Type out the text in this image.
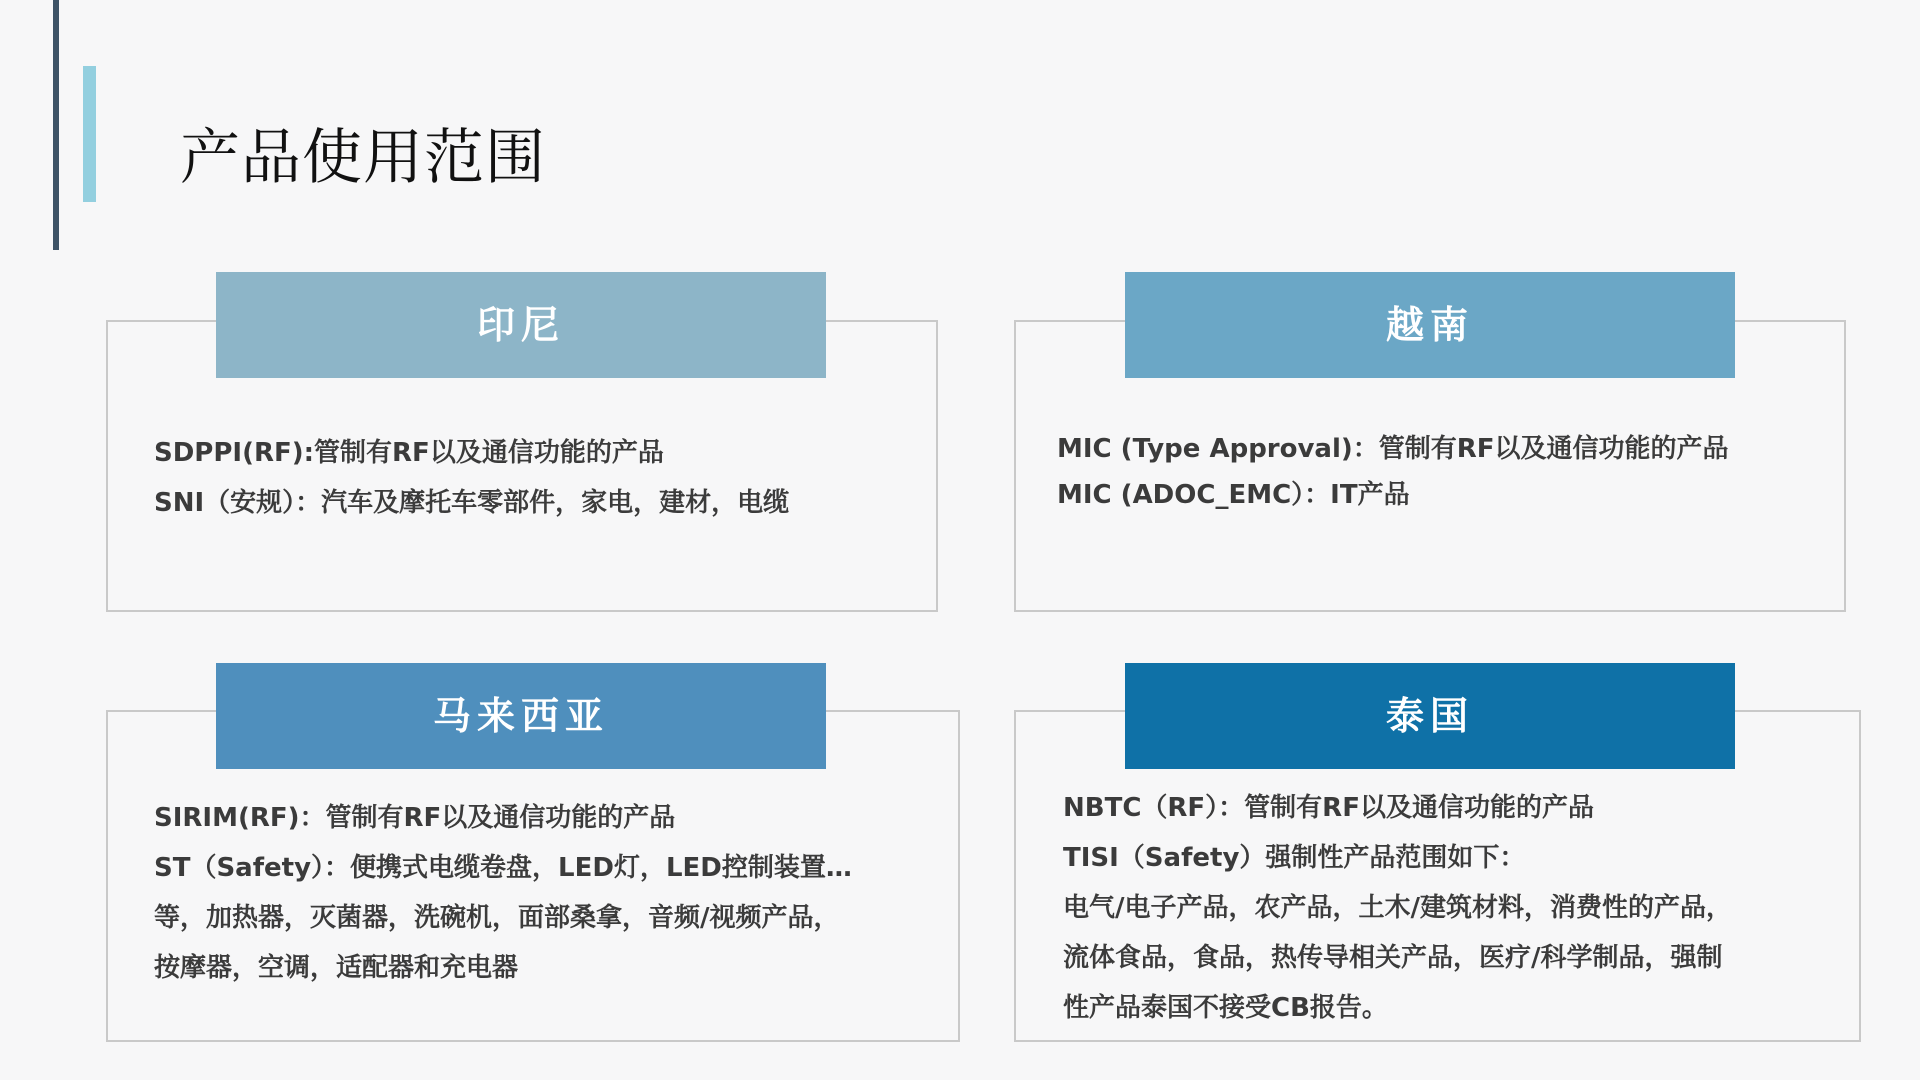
产品使用范围
印尼
SDPPI(RF):管制有RF以及通信功能的产品
SNI（安规）：汽车及摩托车零部件，家电，建材，电缆
越南
MIC (Type Approval)：管制有RF以及通信功能的产品
MIC (ADOC_EMC）：IT产品
马来西亚
SIRIM(RF)：管制有RF以及通信功能的产品
ST（Safety）：便携式电缆卷盘，LED灯，LED控制装置…
等，加热器，灭菌器，洗碗机，面部桑拿，音频/视频产品，
按摩器，空调，适配器和充电器
泰国
NBTC（RF）：管制有RF以及通信功能的产品
TISI（Safety）强制性产品范围如下：
电气/电子产品，农产品，土木/建筑材料，消费性的产品，
流体食品，食品，热传导相关产品，医疗/科学制品，强制
性产品泰国不接受CB报告。
